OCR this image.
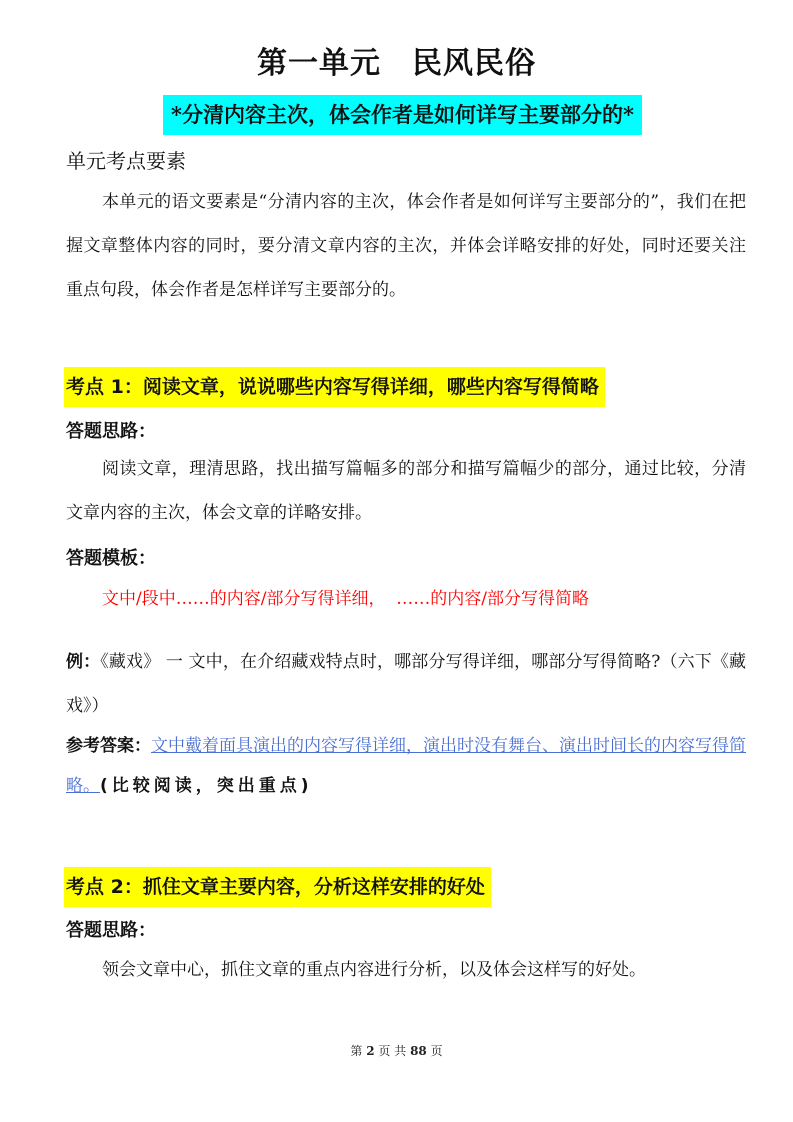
第一单元　民风民俗
*分清内容主次，体会作者是如何详写主要部分的*
单元考点要素
本单元的语文要素是“分清内容的主次，体会作者是如何详写主要部分的”，我们在把 握文章整体内容的同时，要分清文章内容的主次，并体会详略安排的好处，同时还要关注 重点句段，体会作者是怎样详写主要部分的。
考点 1：阅读文章，说说哪些内容写得详细，哪些内容写得简略
答题思路：
阅读文章，理清思路，找出描写篇幅多的部分和描写篇幅少的部分，通过比较，分清 文章内容的主次，体会文章的详略安排。
答题模板：
文中/段中……的内容/部分写得详细，  ……的内容/部分写得简略
例：《藏戏》 一 文中，在介绍藏戏特点时，哪部分写得详细，哪部分写得简略?（六下《藏戏》）
参考答案：文中戴着面具演出的内容写得详细，演出时没有舞台、演出时间长的内容写得简略。(比较阅读，突出重点)
考点 2：抓住文章主要内容，分析这样安排的好处
答题思路：
领会文章中心，抓住文章的重点内容进行分析，以及体会这样写的好处。
第 2 页 共 88 页
